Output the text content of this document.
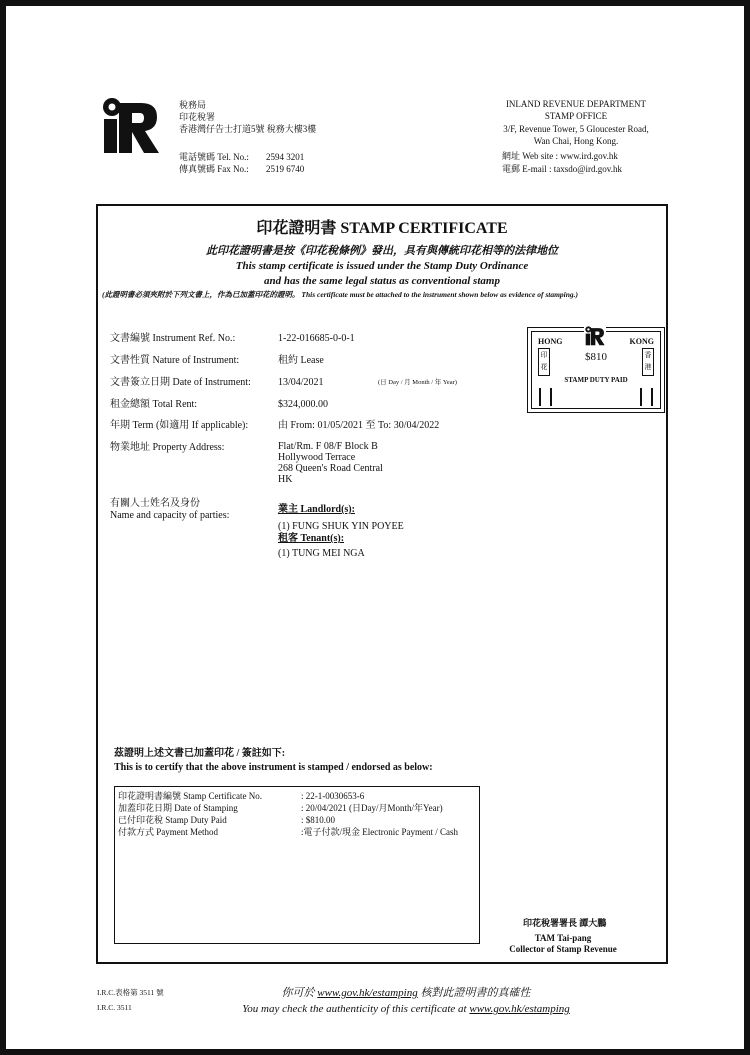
稅務局
印花稅署
香港灣仔告士打道5號 稅務大樓3樓
電話號碼 Tel. No.: 2594 3201
傳真號碼 Fax No.: 2519 6740
INLAND REVENUE DEPARTMENT
STAMP OFFICE
3/F, Revenue Tower, 5 Gloucester Road,
Wan Chai, Hong Kong.
網址 Web site : www.ird.gov.hk
電郵 E-mail : taxsdo@ird.gov.hk
印花證明書 STAMP CERTIFICATE
此印花證明書是按《印花稅條例》發出，具有與傳統印花相等的法律地位
This stamp certificate is issued under the Stamp Duty Ordinance
and has the same legal status as conventional stamp
(此證明書必須夾附於下列文書上，作為已加蓋印花的證明。 This certificate must be attached to the instrument shown below as evidence of stamping.)
文書編號 Instrument Ref. No.:	1-22-016685-0-0-1
文書性質 Nature of Instrument:	租約 Lease
文書簽立日期 Date of Instrument:	13/04/2021	(日 Day / 月 Month / 年 Year)
租金總額 Total Rent:	$324,000.00
年期 Term (如適用 If applicable):	由 From: 01/05/2021 至 To: 30/04/2022
物業地址 Property Address:	Flat/Rm. F 08/F Block B
Hollywood Terrace
268 Queen's Road Central
HK
有關人士姓名及身份
Name and capacity of parties:
業主 Landlord(s):
(1) FUNG SHUK YIN POYEE
租客 Tenant(s):
(1) TUNG MEI NGA
HONG	KONG
印花
香港
$810
STAMP DUTY PAID
茲證明上述文書已加蓋印花 / 簽註如下:
This is to certify that the above instrument is stamped / endorsed as below:
印花證明書編號 Stamp Certificate No.	: 22-1-0030653-6
加蓋印花日期 Date of Stamping	: 20/04/2021 (日Day/月Month/年Year)
已付印花稅 Stamp Duty Paid	: $810.00
付款方式 Payment Method	:電子付款/現金 Electronic Payment / Cash
印花稅署署長 譚大鵬
TAM Tai-pang
Collector of Stamp Revenue
I.R.C.表格第 3511 號
I.R.C. 3511
你可於 www.gov.hk/estamping 核對此證明書的真確性
You may check the authenticity of this certificate at www.gov.hk/estamping
